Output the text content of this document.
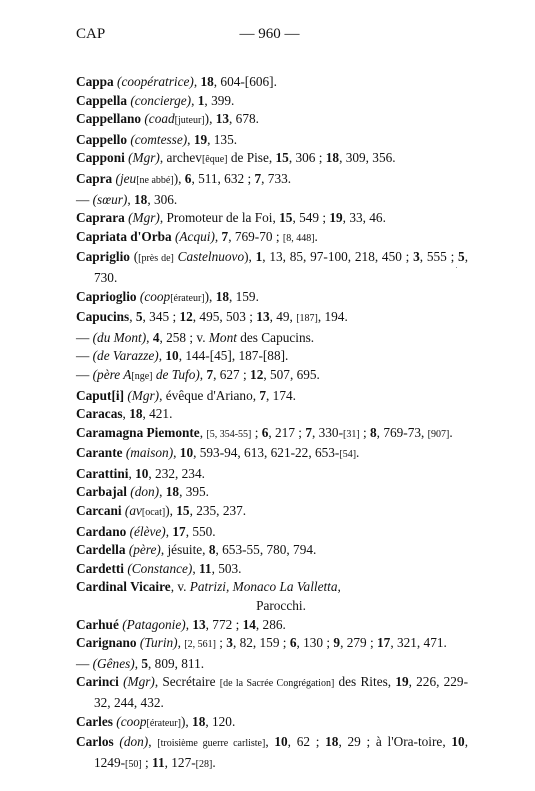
CAP	— 960 —
Cappa (coopératrice), 18, 604-[606].
Cappella (concierge), 1, 399.
Cappellano (coad[juteur]), 13, 678.
Cappello (comtesse), 19, 135.
Capponi (Mgr), archev[êque] de Pise, 15, 306 ; 18, 309, 356.
Capra (jeu[ne abbé]), 6, 511, 632 ; 7, 733.
— (sœur), 18, 306.
Caprara (Mgr), Promoteur de la Foi, 15, 549 ; 19, 33, 46.
Capriata d'Orba (Acqui), 7, 769-70 ; [8, 448].
Capriglio ([près de] Castelnuovo), 1, 13, 85, 97-100, 218, 450 ; 3, 555 ; 5, 730.
Caprioglio (coop[érateur]), 18, 159.
Capucins, 5, 345 ; 12, 495, 503 ; 13, 49, [187], 194.
— (du Mont), 4, 258 ; v. Mont des Capucins.
— (de Varazze), 10, 144-[45], 187-[88].
— (père A[nge] de Tufo), 7, 627 ; 12, 507, 695.
Caput[i] (Mgr), évêque d'Ariano, 7, 174.
Caracas, 18, 421.
Caramagna Piemonte, [5, 354-55] ; 6, 217 ; 7, 330-[31] ; 8, 769-73, [907].
Carante (maison), 10, 593-94, 613, 621-22, 653-[54].
Carattini, 10, 232, 234.
Carbajal (don), 18, 395.
Carcani (av[ocat]), 15, 235, 237.
Cardano (élève), 17, 550.
Cardella (père), jésuite, 8, 653-55, 780, 794.
Cardetti (Constance), 11, 503.
Cardinal Vicaire, v. Patrizi, Monaco La Valletta,
Parocchi.
Carhué (Patagonie), 13, 772 ; 14, 286.
Carignano (Turin), [2, 561] ; 3, 82, 159 ; 6, 130 ; 9, 279 ; 17, 321, 471.
— (Gênes), 5, 809, 811.
Carinci (Mgr), Secrétaire [de la Sacrée Congrégation] des Rites, 19, 226, 229-32, 244, 432.
Carles (coop[érateur]), 18, 120.
Carlos (don), [troisième guerre carliste], 10, 62 ; 18, 29 ; à l'Ora-toire, 10, 1249-[50] ; 11, 127-[28].
